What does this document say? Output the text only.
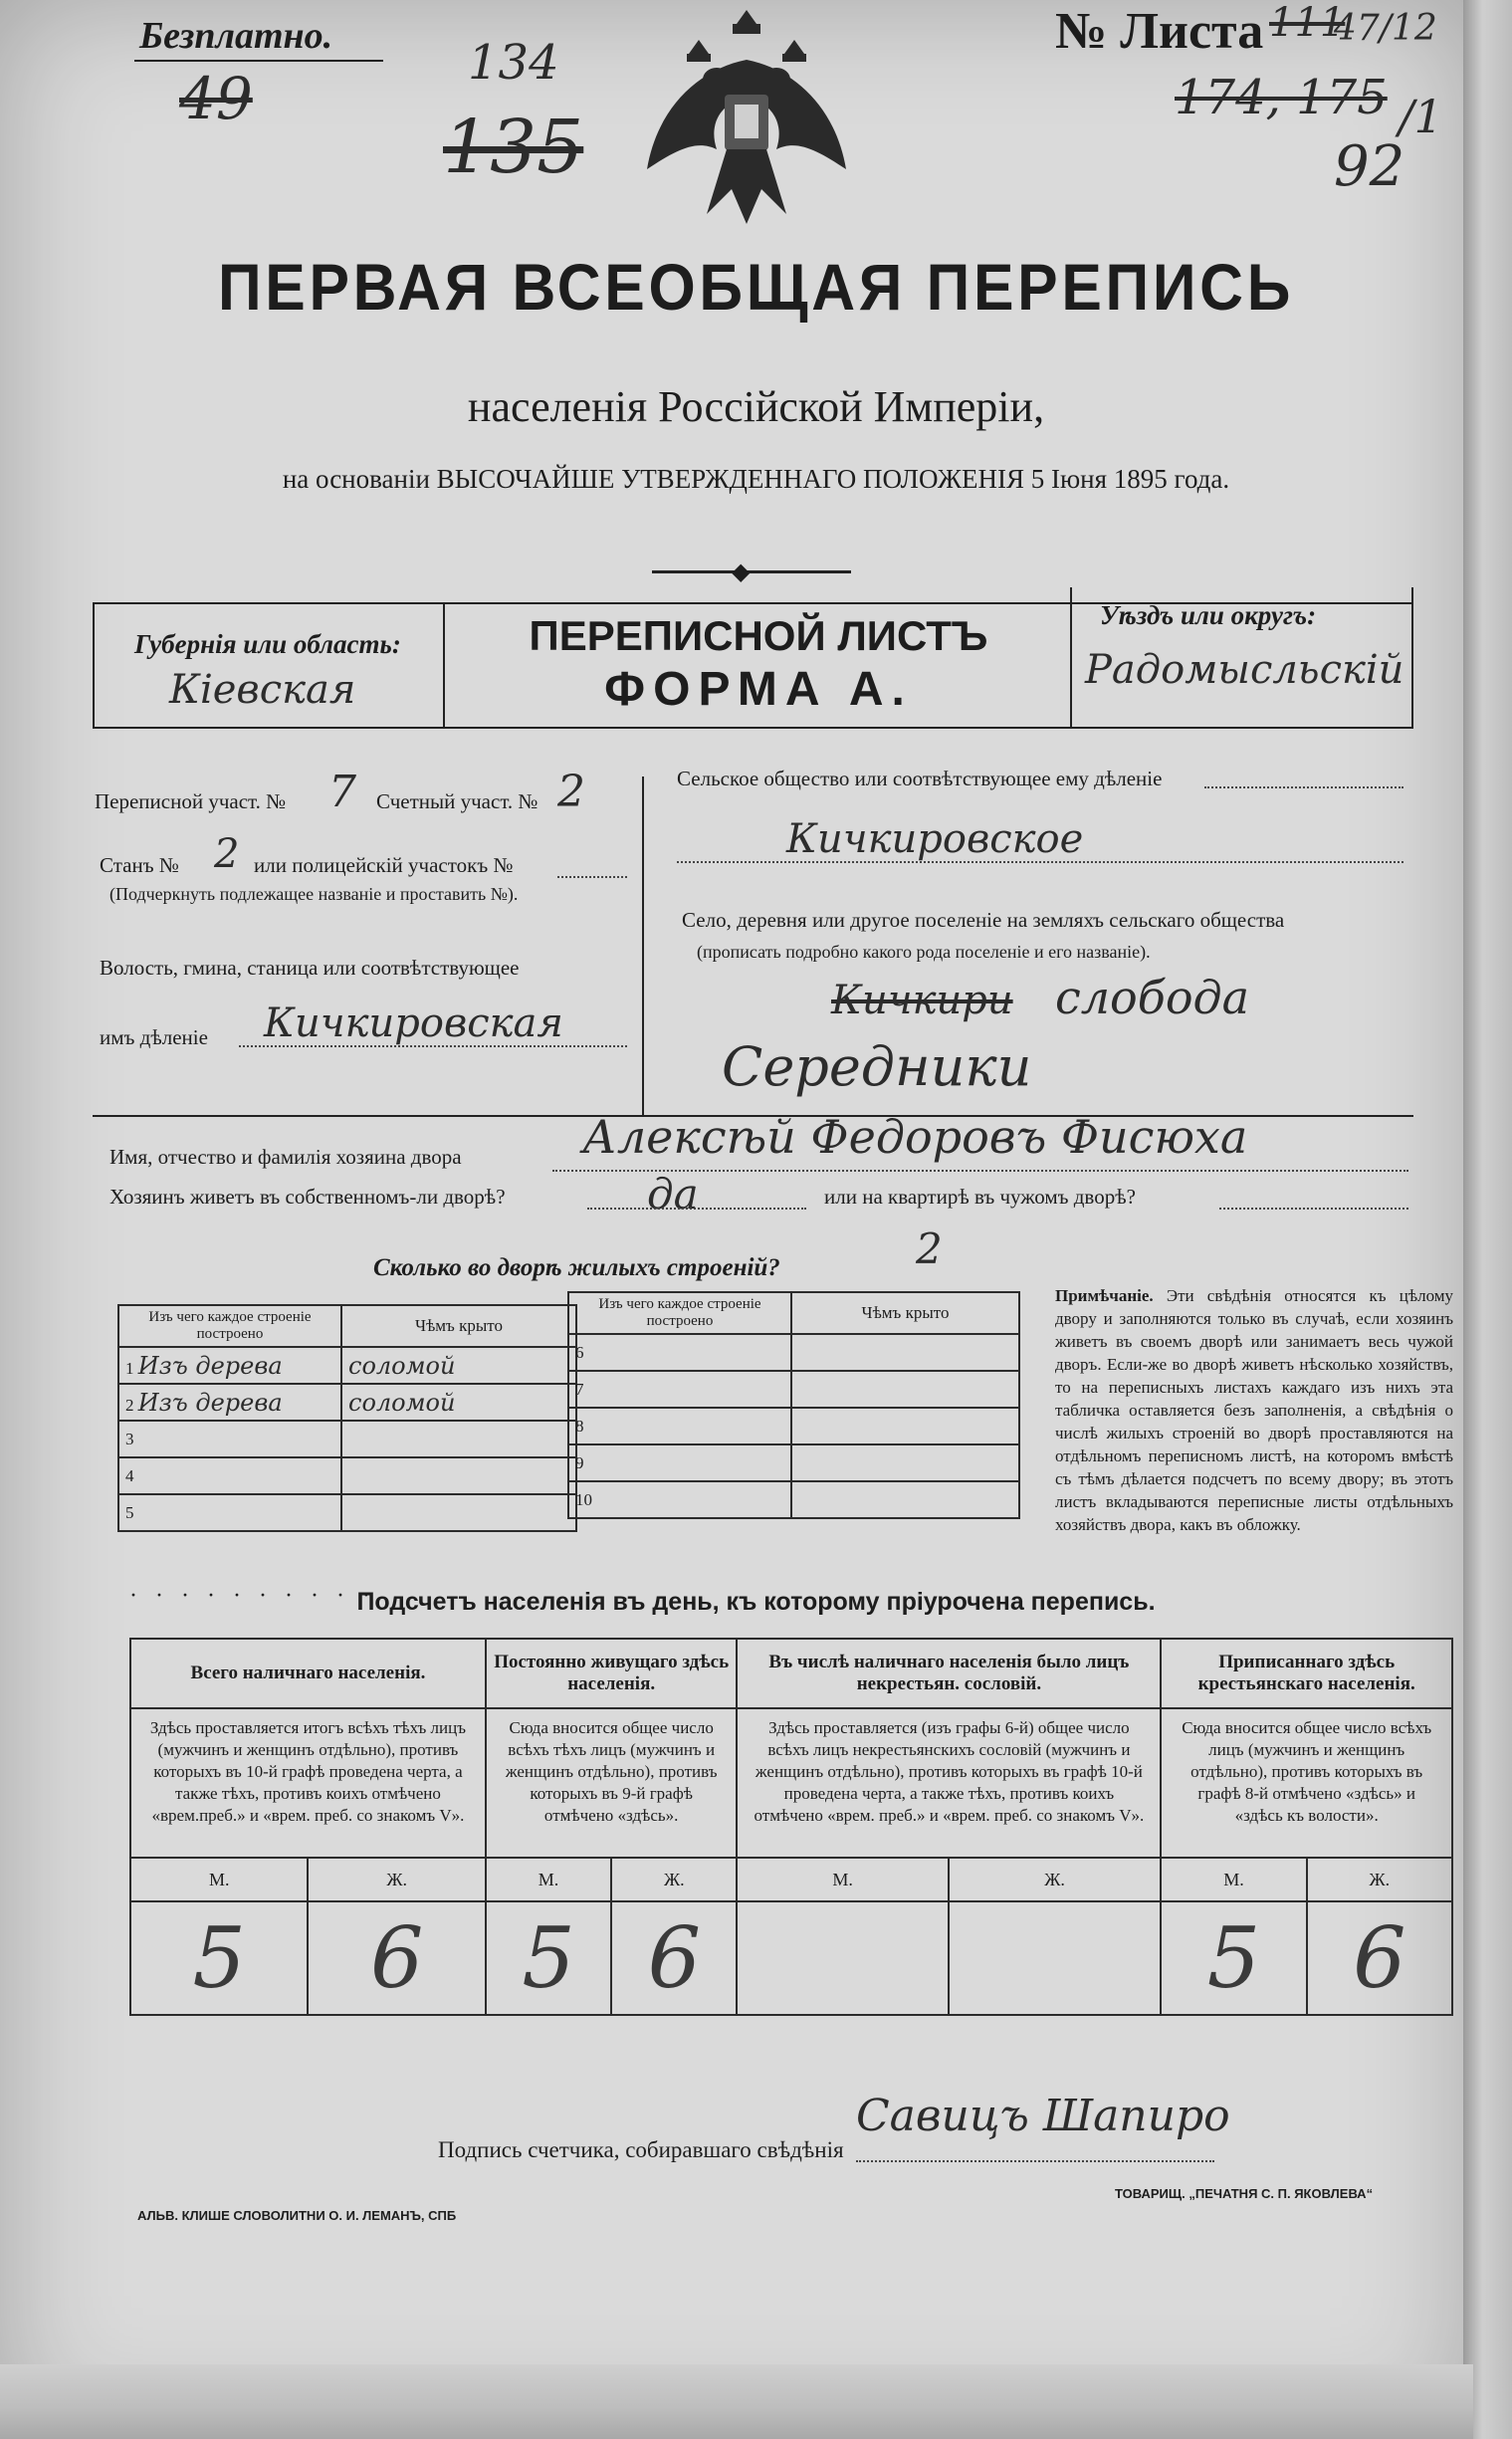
Безплатно.
49
134
135
№ Листа 111
47/12
174, 175 /1
92
ПЕРВАЯ ВСЕОБЩАЯ ПЕРЕПИСЬ
населенія Россійской Имперіи,
на основаніи ВЫСОЧАЙШЕ УТВЕРЖДЕННАГО ПОЛОЖЕНІЯ 5 Іюня 1895 года.
◆
Губернія или область:
Кіевская
ПЕРЕПИСНОЙ ЛИСТЪ
ФОРМА А.
Уѣздъ или округъ:
Радомысльскій
Переписной участ. № 7 Счетный участ. № 2
Станъ № 2 или полицейскій участокъ №
(Подчеркнуть подлежащее названіе и проставить №).
Волость, гмина, станица или соотвѣтствующее
имъ дѣленіе Кичкировская
Сельское общество или соотвѣтствующее ему дѣленіе
Кичкировское
Село, деревня или другое поселеніе на земляхъ сельскаго общества
(прописать подробно какого рода поселеніе и его названіе).
Кичкири слобода
Середники
Имя, отчество и фамилія хозяина двора	Алексѣй Федоровъ Фисюха
Хозяинъ живетъ въ собственномъ-ли дворѣ?	да	или на квартирѣ въ чужомъ дворѣ?
Сколько во дворѣ жилыхъ строеній?	2
Изъ чего каждое строеніе построено	Чѣмъ крыто
1 Изъ дерева	соломой
2 Изъ дерева	соломой
3	
4	
5	
Изъ чего каждое строеніе построено	Чѣмъ крыто
6	
7	
8	
9	
10	
Примѣчаніе. Эти свѣдѣнія относятся къ цѣлому двору и заполняются только въ случаѣ, если хозяинъ живетъ въ своемъ дворѣ или занимаетъ весь чужой дворъ. Если-же во дворѣ живетъ нѣсколько хозяйствъ, то на переписныхъ листахъ каждаго изъ нихъ эта табличка оставляется безъ заполненія, а свѣдѣнія о числѣ жилыхъ строеній во дворѣ проставляются на отдѣльномъ переписномъ листѣ, на которомъ вмѣстѣ съ тѣмъ дѣлается подсчетъ по всему двору; въ этотъ листъ вкладываются переписные листы отдѣльныхъ хозяйствъ двора, какъ въ обложку.
· · · · · · · · · ·
Подсчетъ населенія въ день, къ которому пріурочена перепись.
Всего наличнаго населенія.		Постоянно живущаго здѣсь населенія.		Въ числѣ наличнаго населенія было лицъ некрестьян. сословій.		Приписаннаго здѣсь крестьянскаго населенія.	
Здѣсь проставляется итогъ всѣхъ тѣхъ лицъ (мужчинъ и женщинъ отдѣльно), противъ которыхъ въ 10-й графѣ проведена черта, а также тѣхъ, противъ коихъ отмѣчено «врем.преб.» и «врем. преб. со знакомъ V».		Сюда вносится общее число всѣхъ тѣхъ лицъ (мужчинъ и женщинъ отдѣльно), противъ которыхъ въ 9-й графѣ отмѣчено «здѣсь».		Здѣсь проставляется (изъ графы 6-й) общее число всѣхъ лицъ некрестьянскихъ сословій (мужчинъ и женщинъ отдѣльно), противъ которыхъ въ графѣ 10-й проведена черта, а также тѣхъ, противъ коихъ отмѣчено «врем. преб.» и «врем. преб. со знакомъ V».		Сюда вносится общее число всѣхъ лицъ (мужчинъ и женщинъ отдѣльно), противъ которыхъ въ графѣ 8-й отмѣчено «здѣсь» и «здѣсь къ волости».	
М.	Ж.	М.	Ж.	М.	Ж.	М.	Ж.
5	6	5	6			5	6
Подпись счетчика, собиравшаго свѣдѣнія
Савицъ Шапиро
АЛЬВ. КЛИШЕ СЛОВОЛИТНИ О. И. ЛЕМАНЪ, СПБ
ТОВАРИЩ. „ПЕЧАТНЯ С. П. ЯКОВЛЕВА“
